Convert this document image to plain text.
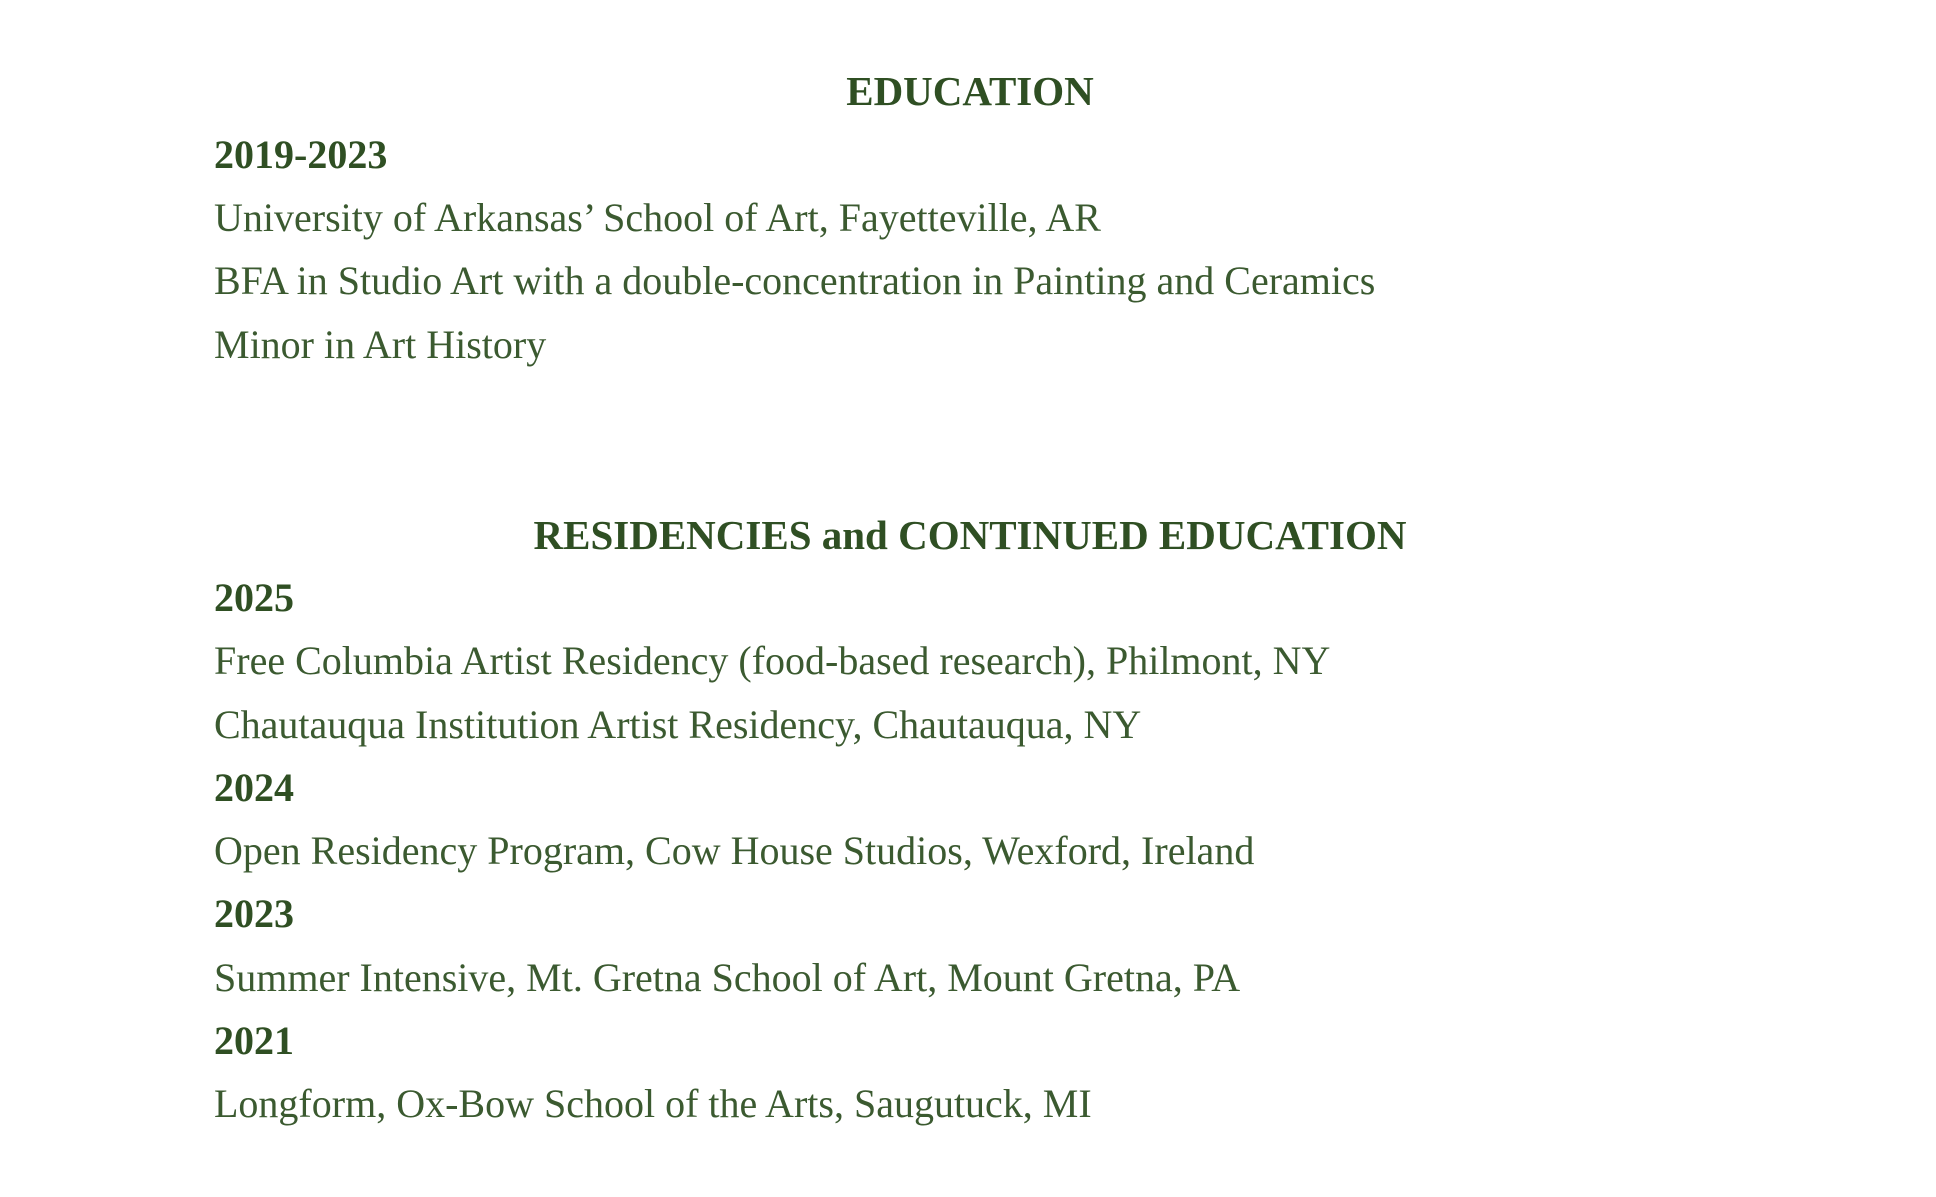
EDUCATION
2019-2023
University of Arkansas’ School of Art, Fayetteville, AR
BFA in Studio Art with a double-concentration in Painting and Ceramics
Minor in Art History
RESIDENCIES and CONTINUED EDUCATION
2025
Free Columbia Artist Residency (food-based research), Philmont, NY
Chautauqua Institution Artist Residency, Chautauqua, NY
2024
Open Residency Program, Cow House Studios, Wexford, Ireland
2023
Summer Intensive, Mt. Gretna School of Art, Mount Gretna, PA
2021
Longform, Ox-Bow School of the Arts, Saugutuck, MI
